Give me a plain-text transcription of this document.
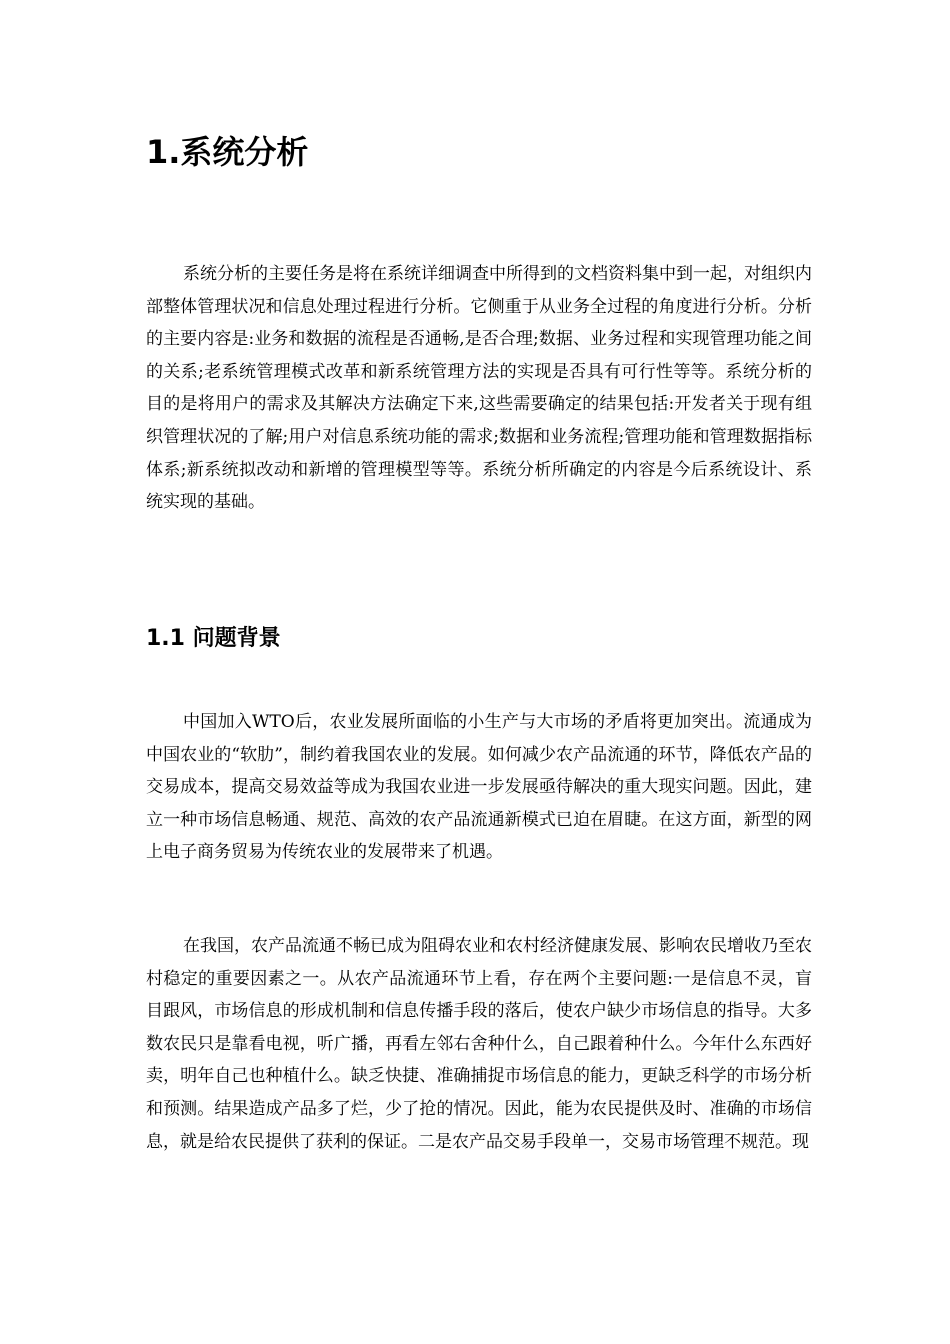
1.系统分析

系统分析的主要任务是将在系统详细调查中所得到的文档资料集中到一起，对组织内部整体管理状况和信息处理过程进行分析。它侧重于从业务全过程的角度进行分析。分析的主要内容是:业务和数据的流程是否通畅,是否合理;数据、业务过程和实现管理功能之间的关系;老系统管理模式改革和新系统管理方法的实现是否具有可行性等等。系统分析的目的是将用户的需求及其解决方法确定下来,这些需要确定的结果包括:开发者关于现有组织管理状况的了解;用户对信息系统功能的需求;数据和业务流程;管理功能和管理数据指标体系;新系统拟改动和新增的管理模型等等。系统分析所确定的内容是今后系统设计、系统实现的基础。

1.1 问题背景

中国加入WTO后，农业发展所面临的小生产与大市场的矛盾将更加突出。流通成为中国农业的“软肋”，制约着我国农业的发展。如何减少农产品流通的环节，降低农产品的交易成本，提高交易效益等成为我国农业进一步发展亟待解决的重大现实问题。因此，建立一种市场信息畅通、规范、高效的农产品流通新模式已迫在眉睫。在这方面，新型的网上电子商务贸易为传统农业的发展带来了机遇。

在我国，农产品流通不畅已成为阻碍农业和农村经济健康发展、影响农民增收乃至农村稳定的重要因素之一。从农产品流通环节上看，存在两个主要问题:一是信息不灵，盲目跟风，市场信息的形成机制和信息传播手段的落后，使农户缺少市场信息的指导。大多数农民只是靠看电视，听广播，再看左邻右舍种什么，自己跟着种什么。今年什么东西好卖，明年自己也种植什么。缺乏快捷、准确捕捉市场信息的能力，更缺乏科学的市场分析和预测。结果造成产品多了烂，少了抢的情况。因此，能为农民提供及时、准确的市场信息，就是给农民提供了获利的保证。二是农产品交易手段单一，交易市场管理不规范。现
